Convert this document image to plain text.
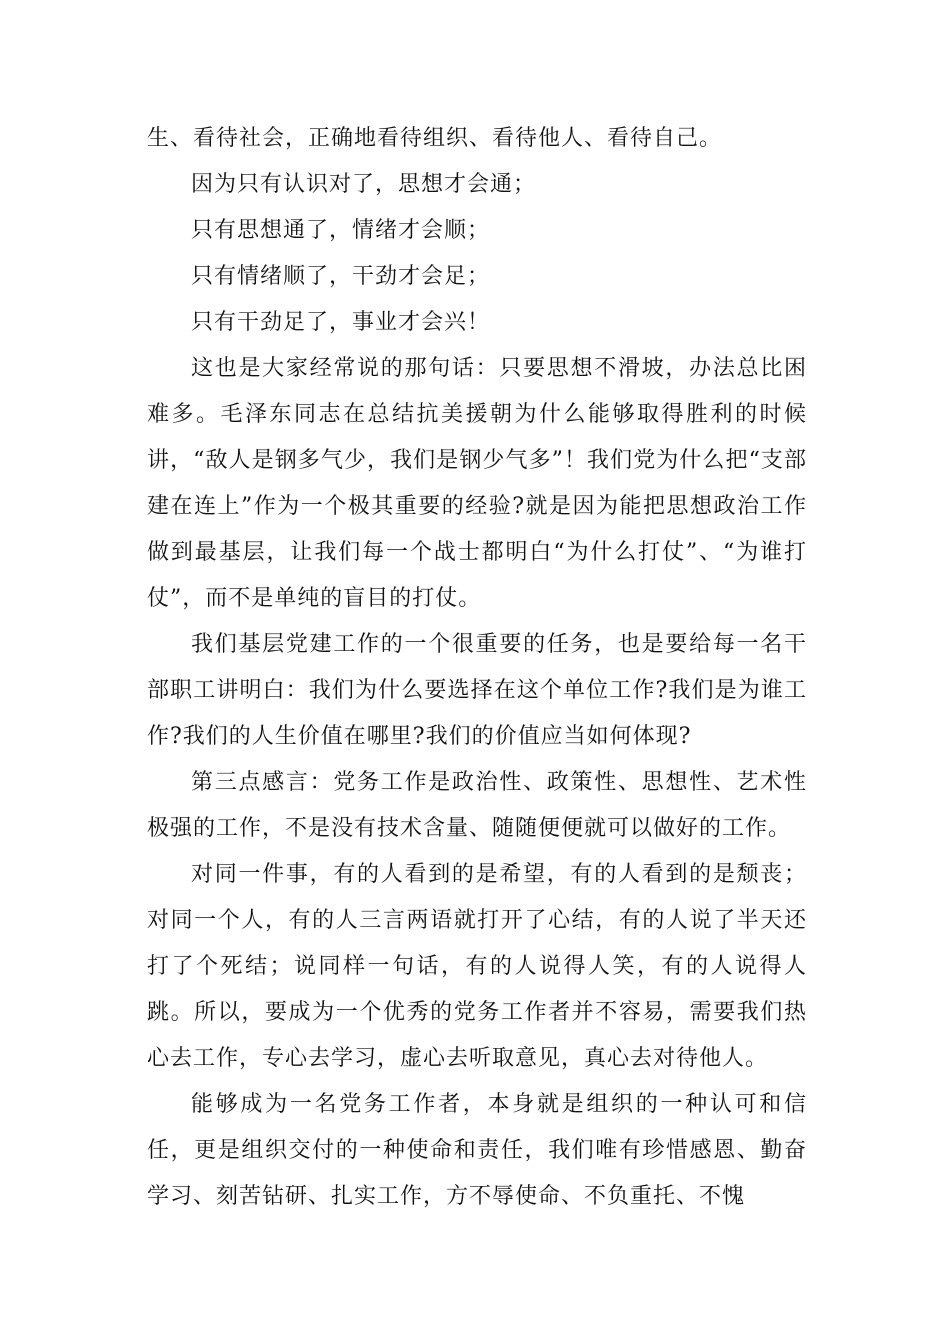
生、看待社会，正确地看待组织、看待他人、看待自己。

因为只有认识对了，思想才会通；

只有思想通了，情绪才会顺；

只有情绪顺了，干劲才会足；

只有干劲足了，事业才会兴！

这也是大家经常说的那句话：只要思想不滑坡，办法总比困难多。毛泽东同志在总结抗美援朝为什么能够取得胜利的时候讲，“敌人是钢多气少，我们是钢少气多”！我们党为什么把“支部建在连上”作为一个极其重要的经验?就是因为能把思想政治工作做到最基层，让我们每一个战士都明白“为什么打仗”、“为谁打仗”，而不是单纯的盲目的打仗。

我们基层党建工作的一个很重要的任务，也是要给每一名干部职工讲明白：我们为什么要选择在这个单位工作?我们是为谁工作?我们的人生价值在哪里?我们的价值应当如何体现?

第三点感言：党务工作是政治性、政策性、思想性、艺术性极强的工作，不是没有技术含量、随随便便就可以做好的工作。

对同一件事，有的人看到的是希望，有的人看到的是颓丧；对同一个人，有的人三言两语就打开了心结，有的人说了半天还打了个死结；说同样一句话，有的人说得人笑，有的人说得人跳。所以，要成为一个优秀的党务工作者并不容易，需要我们热心去工作，专心去学习，虚心去听取意见，真心去对待他人。

能够成为一名党务工作者，本身就是组织的一种认可和信任，更是组织交付的一种使命和责任，我们唯有珍惜感恩、勤奋学习、刻苦钻研、扎实工作，方不辱使命、不负重托、不愧
